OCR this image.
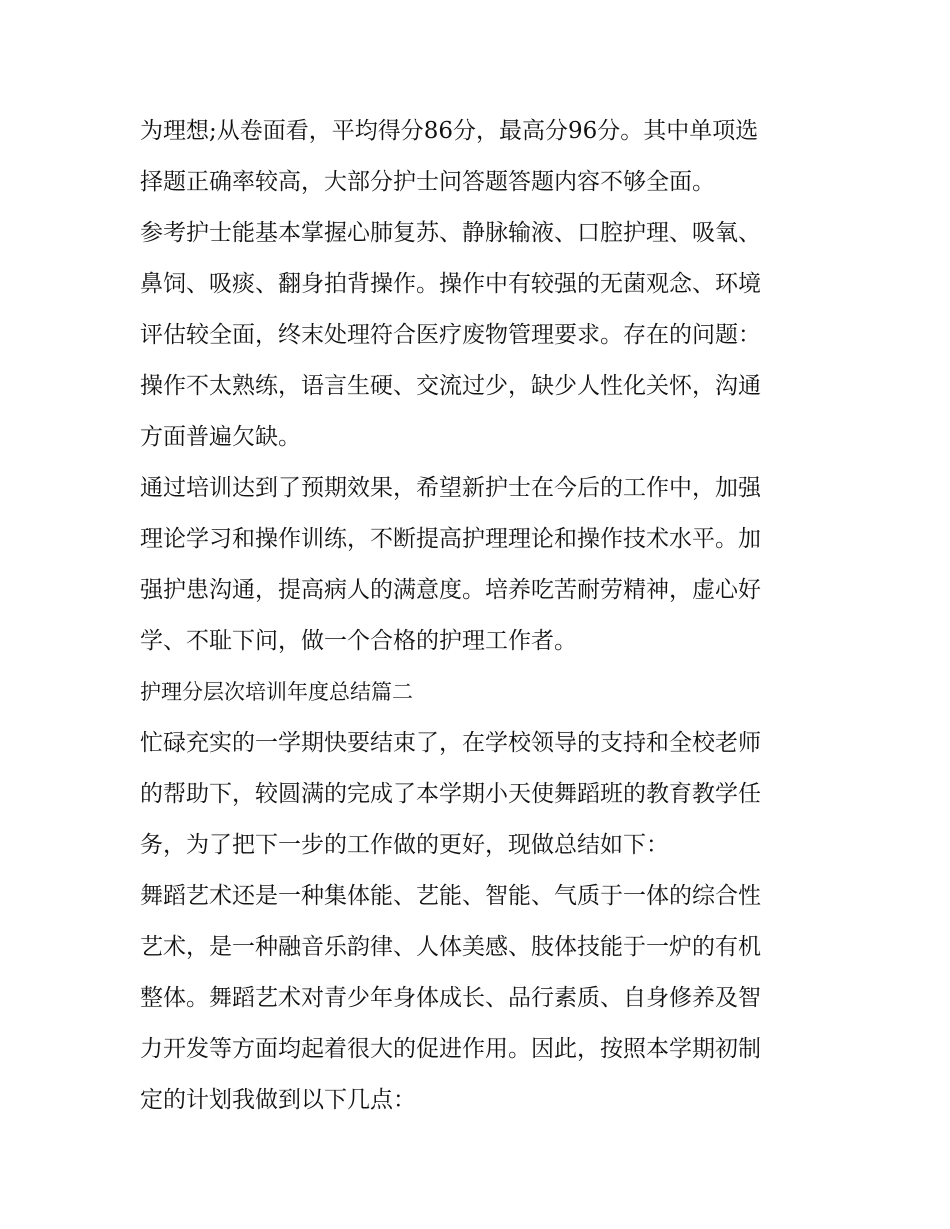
为理想;从卷面看，平均得分86分，最高分96分。其中单项选
择题正确率较高，大部分护士问答题答题内容不够全面。
参考护士能基本掌握心肺复苏、静脉输液、口腔护理、吸氧、
鼻饲、吸痰、翻身拍背操作。操作中有较强的无菌观念、环境
评估较全面，终末处理符合医疗废物管理要求。存在的问题：
操作不太熟练，语言生硬、交流过少，缺少人性化关怀，沟通
方面普遍欠缺。
通过培训达到了预期效果，希望新护士在今后的工作中，加强
理论学习和操作训练，不断提高护理理论和操作技术水平。加
强护患沟通，提高病人的满意度。培养吃苦耐劳精神，虚心好
学、不耻下问，做一个合格的护理工作者。
护理分层次培训年度总结篇二
忙碌充实的一学期快要结束了，在学校领导的支持和全校老师
的帮助下，较圆满的完成了本学期小天使舞蹈班的教育教学任
务，为了把下一步的工作做的更好，现做总结如下：
舞蹈艺术还是一种集体能、艺能、智能、气质于一体的综合性
艺术，是一种融音乐韵律、人体美感、肢体技能于一炉的有机
整体。舞蹈艺术对青少年身体成长、品行素质、自身修养及智
力开发等方面均起着很大的促进作用。因此，按照本学期初制
定的计划我做到以下几点：
